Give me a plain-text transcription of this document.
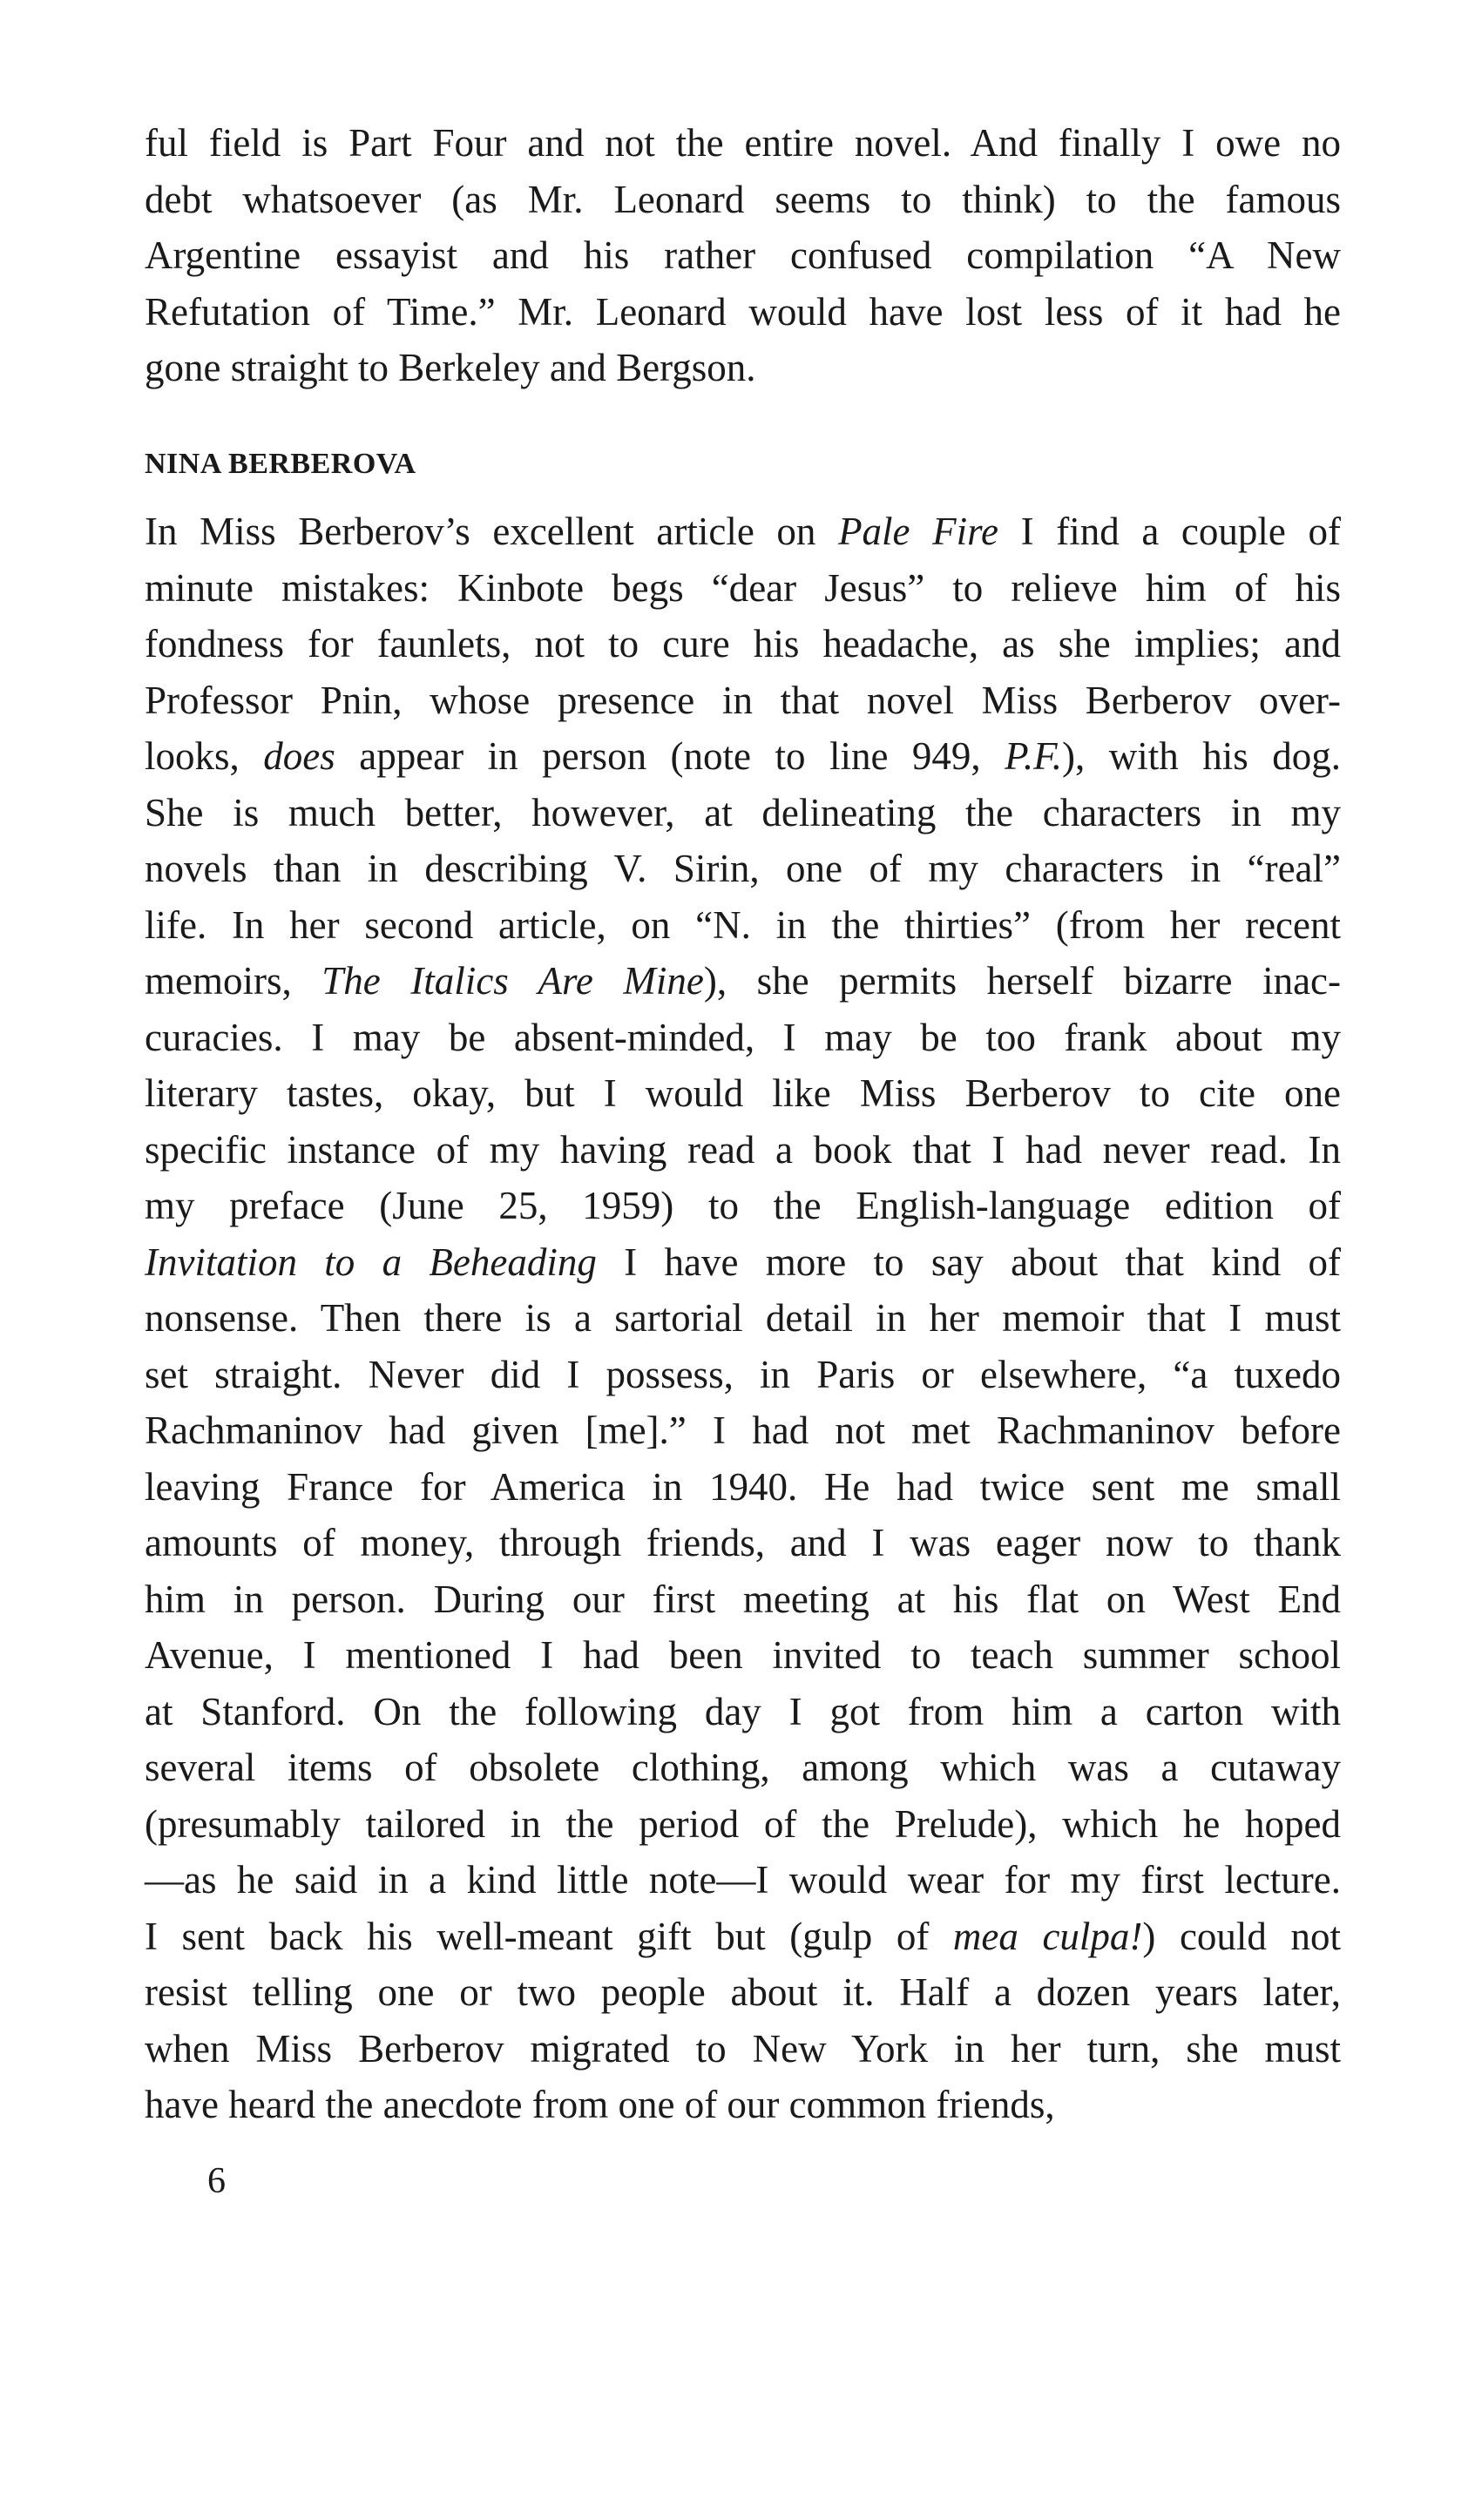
ful field is Part Four and not the entire novel. And finally I owe no
debt whatsoever (as Mr. Leonard seems to think) to the famous
Argentine essayist and his rather confused compilation “A New
Refutation of Time.” Mr. Leonard would have lost less of it had he
gone straight to Berkeley and Bergson.
NINA BERBEROVA
In Miss Berberov’s excellent article on Pale Fire I find a couple of
minute mistakes: Kinbote begs “dear Jesus” to relieve him of his
fondness for faunlets, not to cure his headache, as she implies; and
Professor Pnin, whose presence in that novel Miss Berberov over-
looks, does appear in person (note to line 949, P.F.), with his dog.
She is much better, however, at delineating the characters in my
novels than in describing V. Sirin, one of my characters in “real”
life. In her second article, on “N. in the thirties” (from her recent
memoirs, The Italics Are Mine), she permits herself bizarre inac-
curacies. I may be absent-minded, I may be too frank about my
literary tastes, okay, but I would like Miss Berberov to cite one
specific instance of my having read a book that I had never read. In
my preface (June 25, 1959) to the English-language edition of
Invitation to a Beheading I have more to say about that kind of
nonsense. Then there is a sartorial detail in her memoir that I must
set straight. Never did I possess, in Paris or elsewhere, “a tuxedo
Rachmaninov had given [me].” I had not met Rachmaninov before
leaving France for America in 1940. He had twice sent me small
amounts of money, through friends, and I was eager now to thank
him in person. During our first meeting at his flat on West End
Avenue, I mentioned I had been invited to teach summer school
at Stanford. On the following day I got from him a carton with
several items of obsolete clothing, among which was a cutaway
(presumably tailored in the period of the Prelude), which he hoped
—as he said in a kind little note—I would wear for my first lecture.
I sent back his well-meant gift but (gulp of mea culpa!) could not
resist telling one or two people about it. Half a dozen years later,
when Miss Berberov migrated to New York in her turn, she must
have heard the anecdote from one of our common friends,
6
